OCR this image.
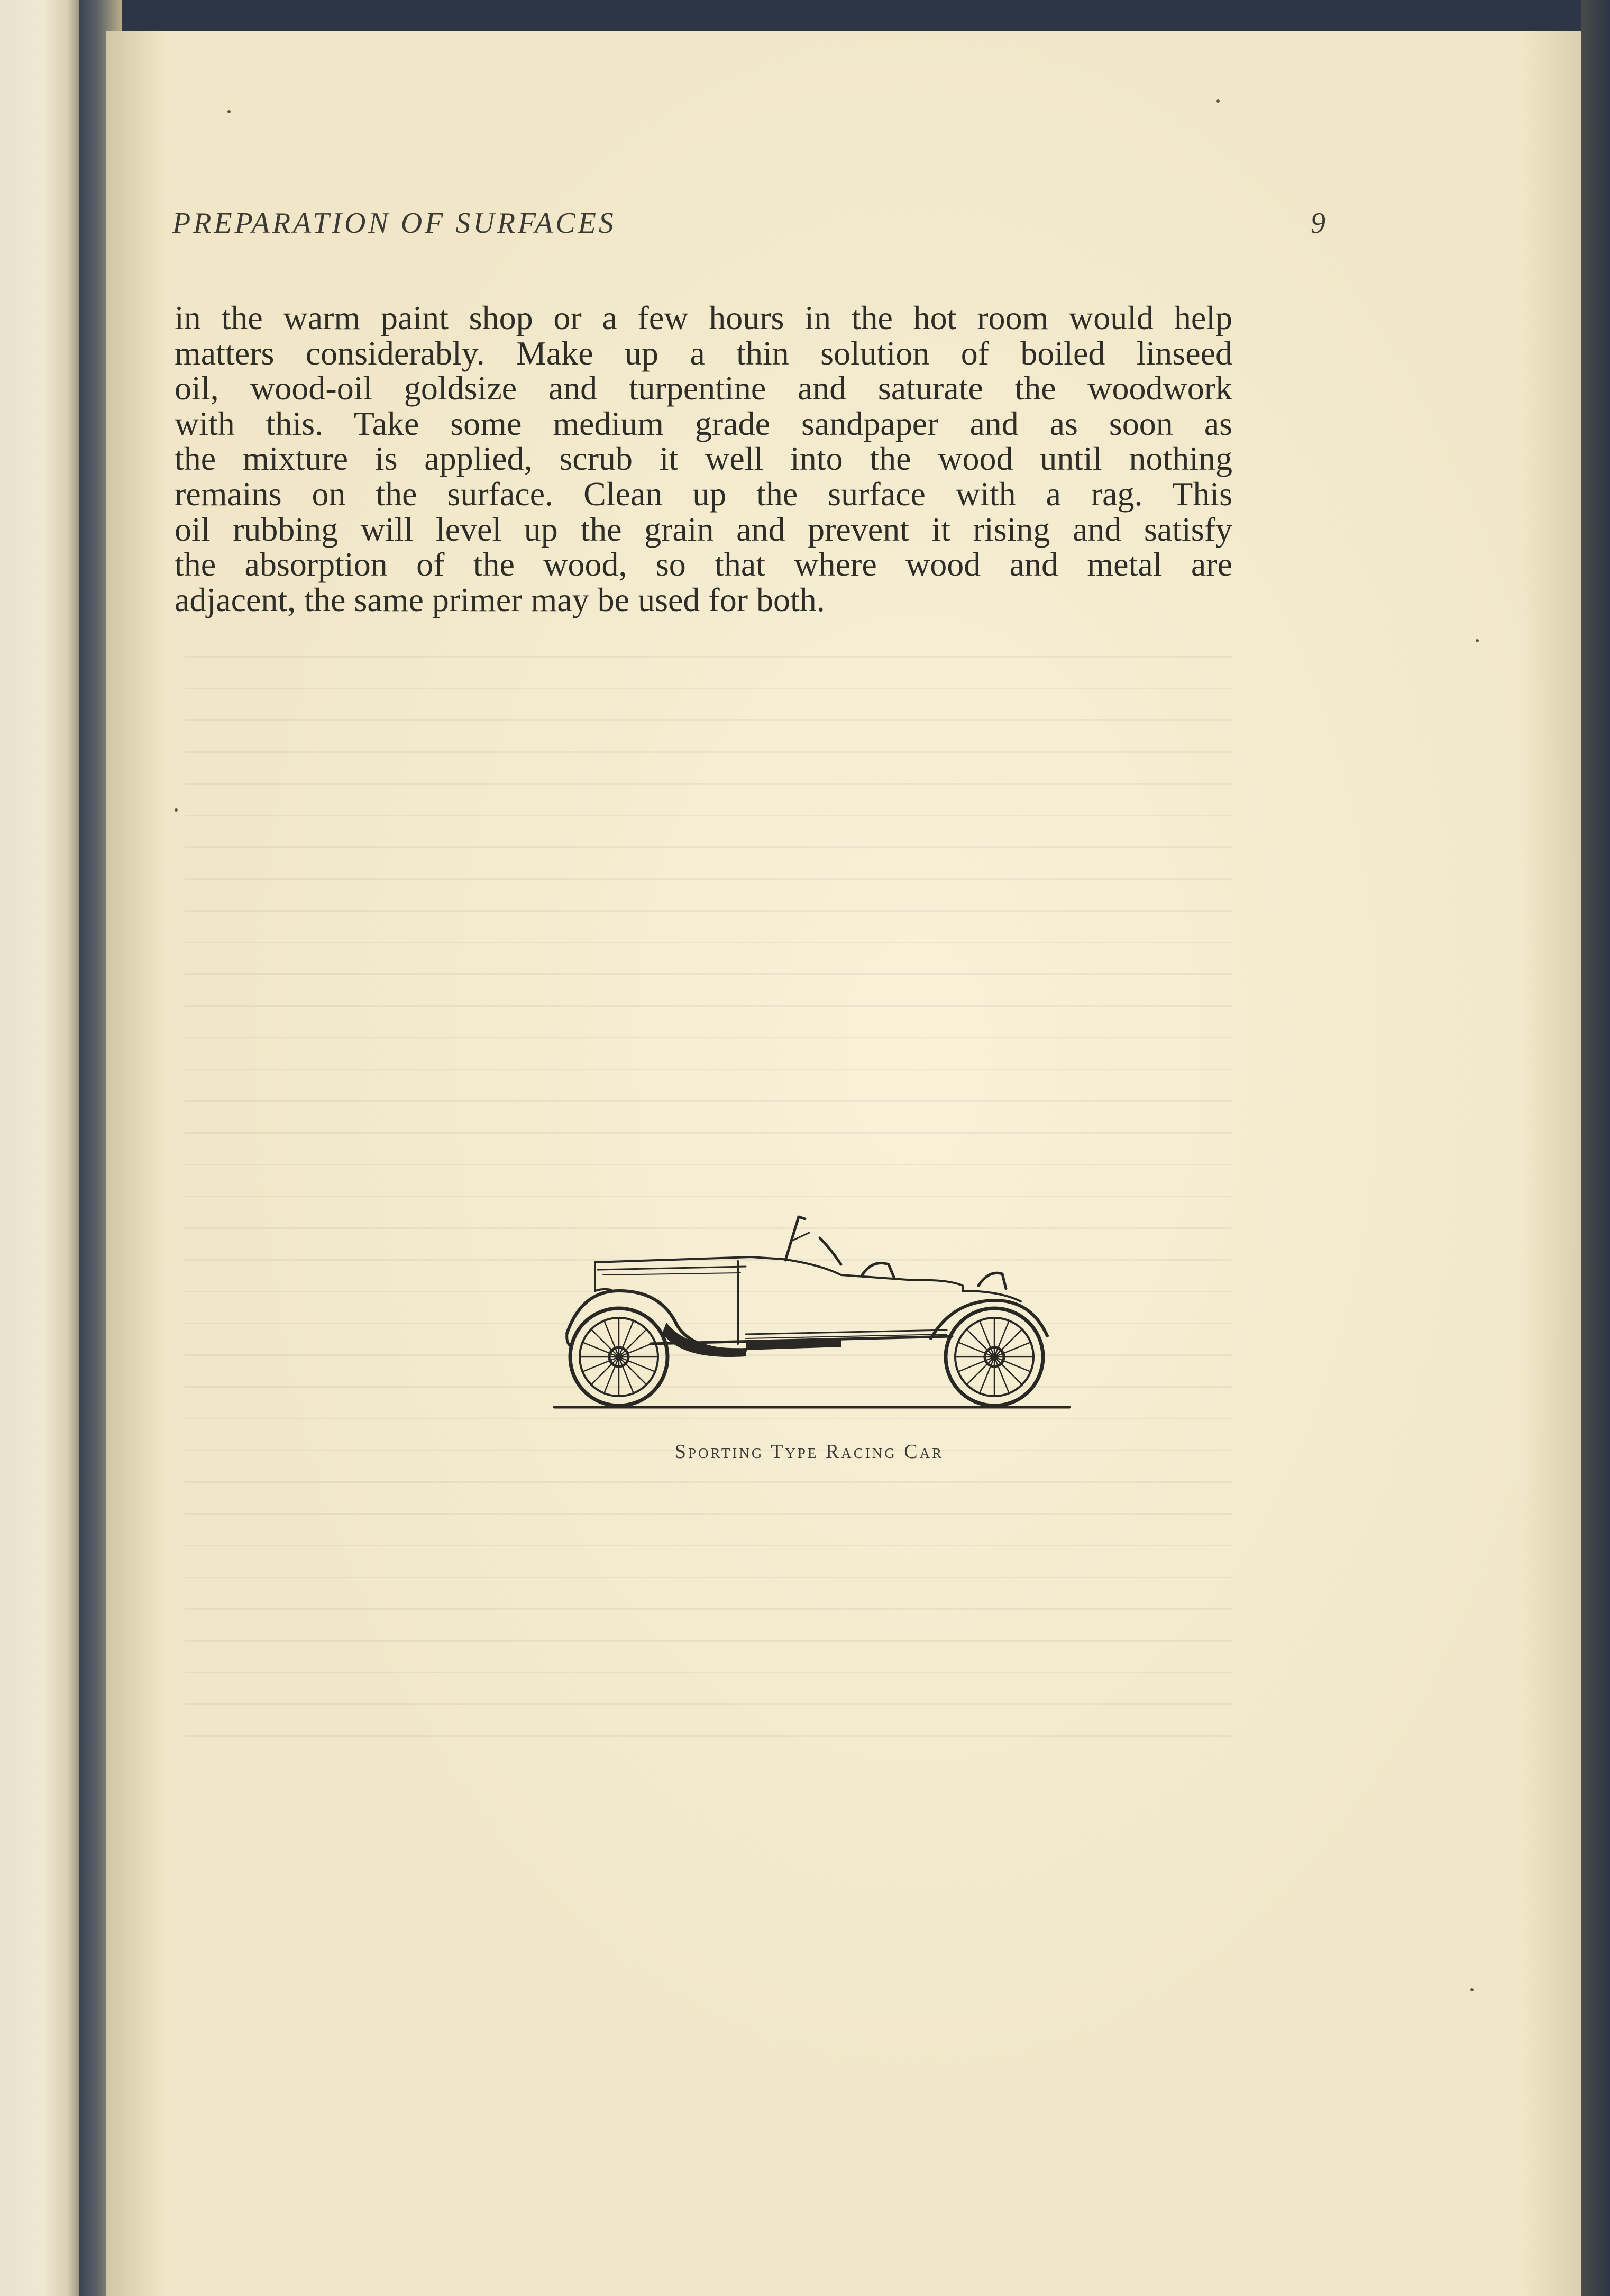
PREPARATION OF SURFACES	9
in the warm paint shop or a few hours in the hot room would help
matters considerably. Make up a thin solution of boiled linseed
oil, wood-oil goldsize and turpentine and saturate the woodwork
with this. Take some medium grade sandpaper and as soon as
the mixture is applied, scrub it well into the wood until nothing
remains on the surface. Clean up the surface with a rag. This
oil rubbing will level up the grain and prevent it rising and satisfy
the absorption of the wood, so that where wood and metal are
adjacent, the same primer may be used for both.
Sporting Type Racing Car
